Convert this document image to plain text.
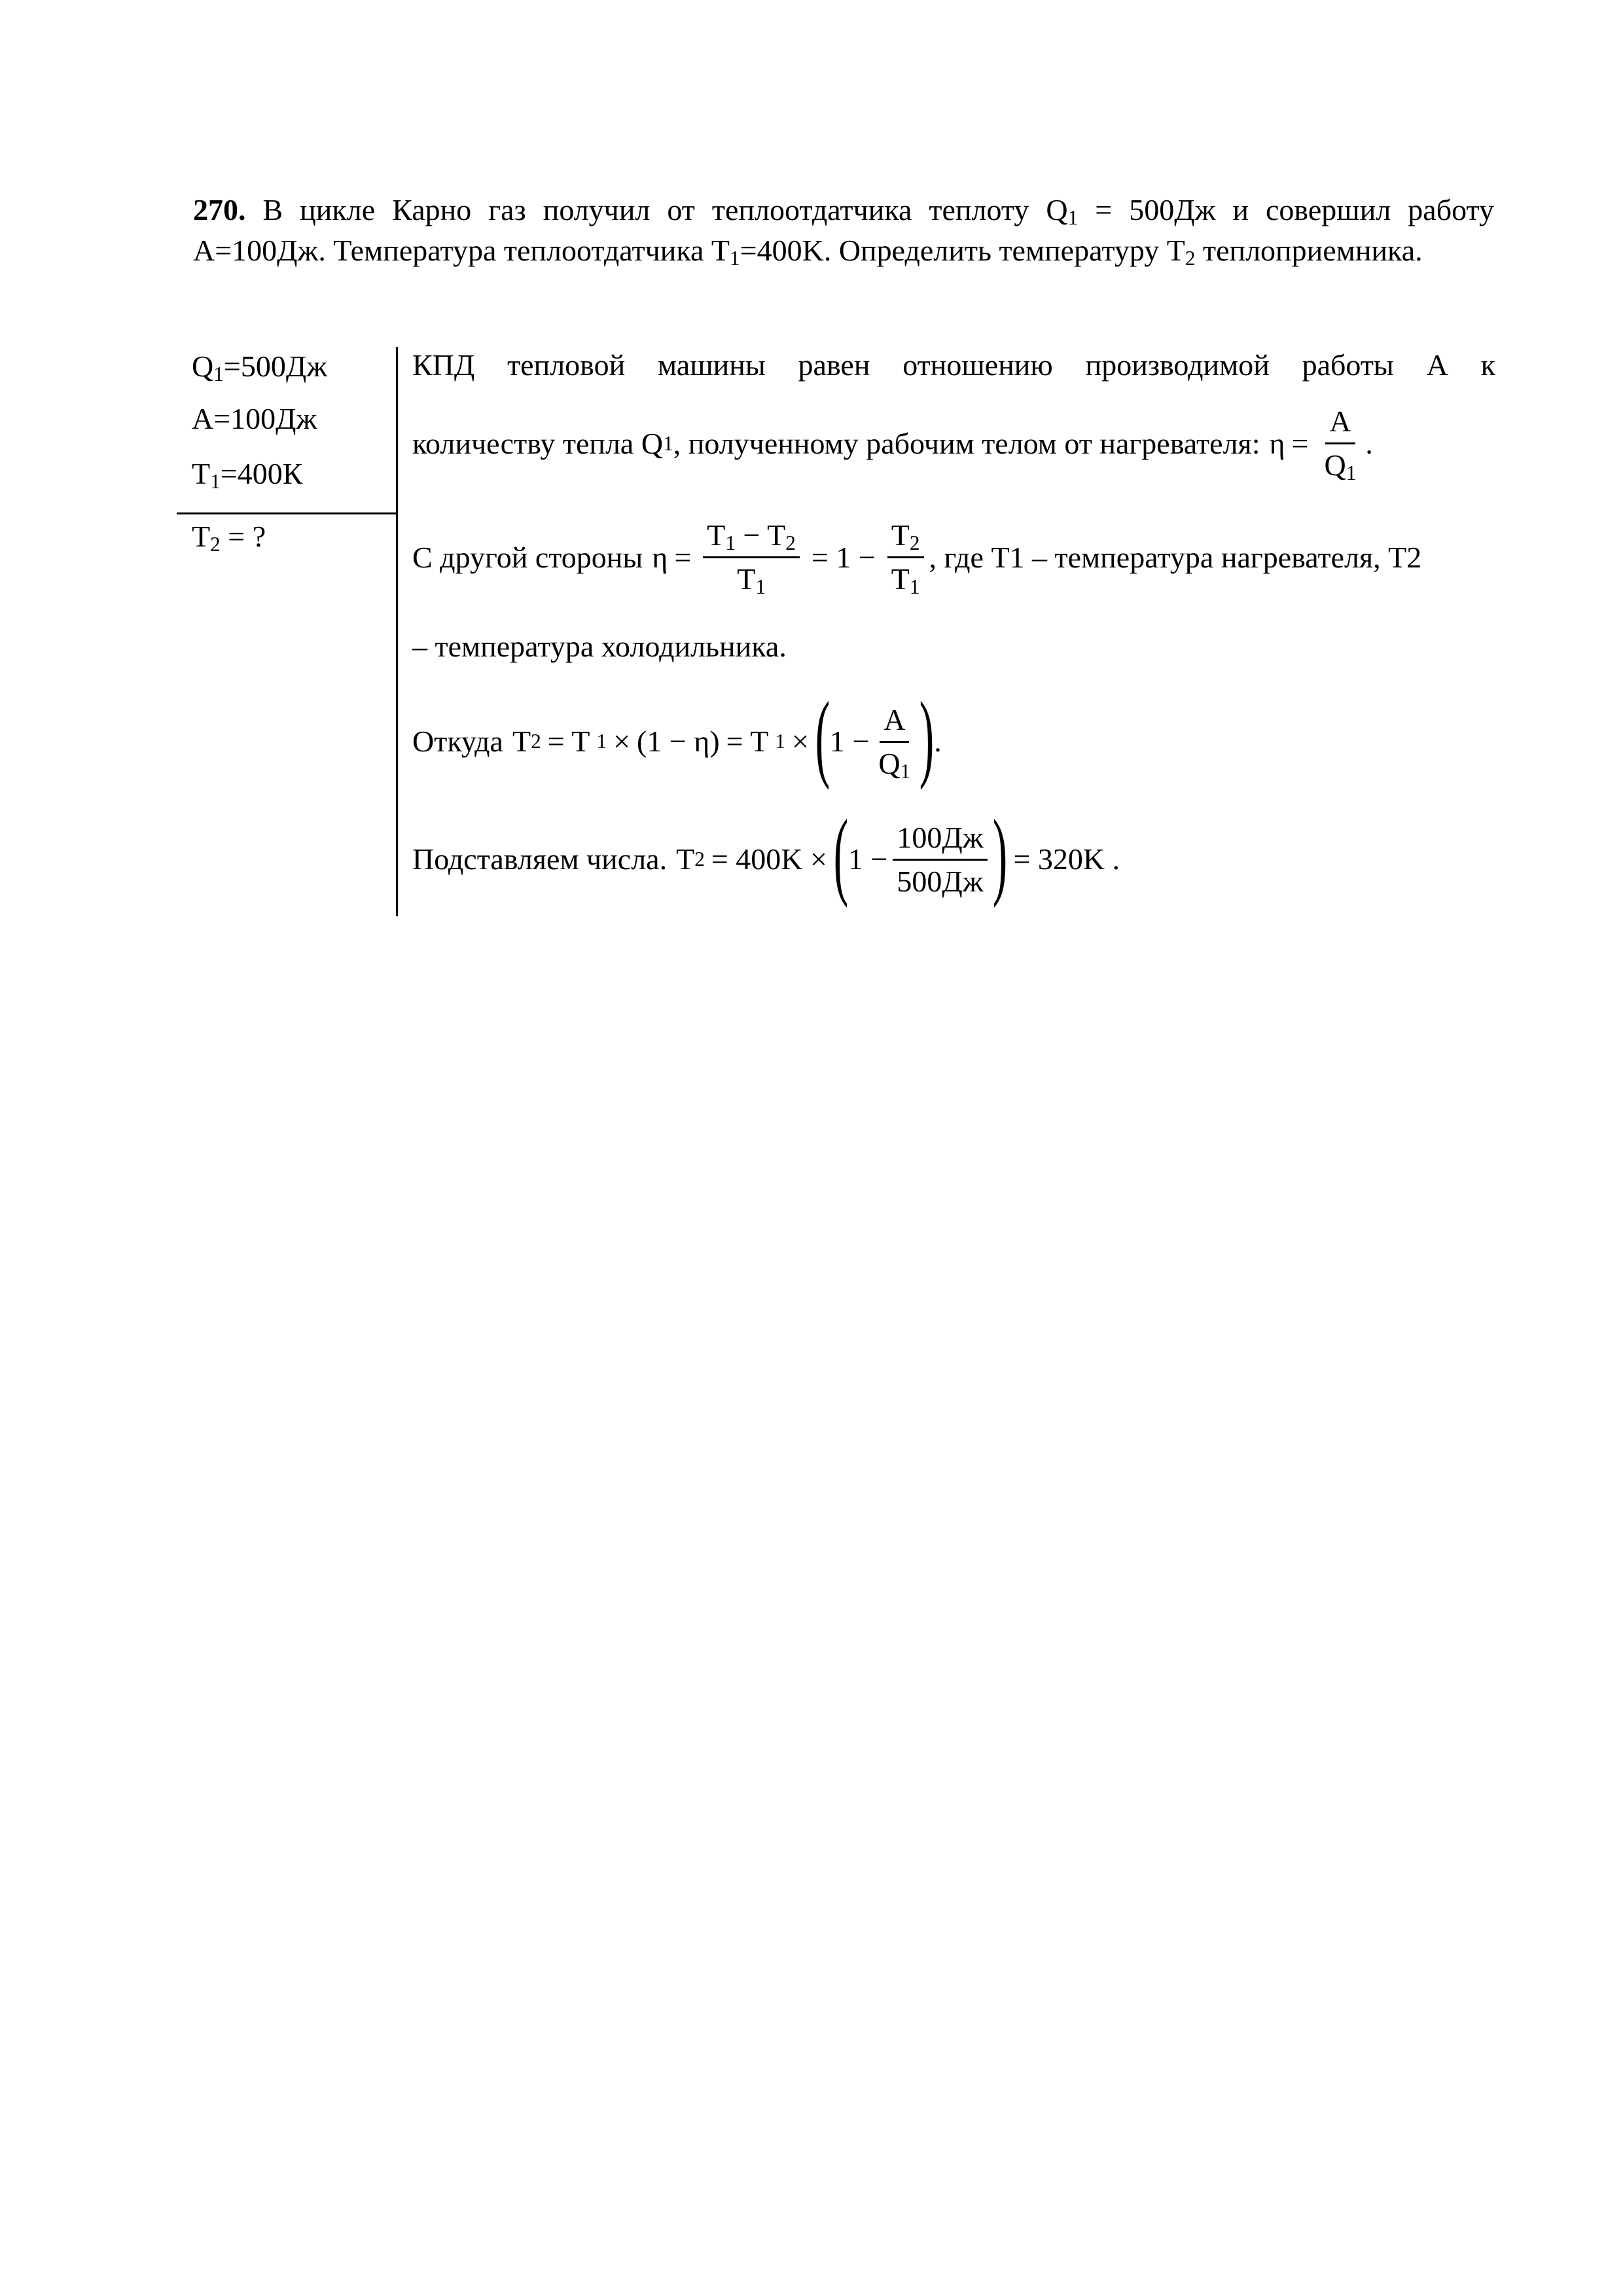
270. В цикле Карно газ получил от теплоотдатчика теплоту $Q_1 = 500Дж$ и совершил работу А=100Дж. Температура теплоотдатчика $T_1=400K$. Определить температуру $T_2$ теплоприемника.
$Q_1=500Дж$
А=100Дж
$T_1=400К$
$T_2$ = ?
КПД тепловой машины равен отношению производимой работы А к
количеству тепла Q 1 , полученному рабочим телом от нагревателя: $\eta = \frac{A}{Q_1}$ .
С другой стороны $\eta = \frac{T_1 - T_2}{T_1} = 1 - \frac{T_2}{T_1}$ , где T1 – температура нагревателя, T2
– температура холодильника.
Откуда T 2 = T 1 × (1 − η) = T 1 × ( $1 - \frac{A}{Q_1}$ ) .
Подставляем числа. T 2 = 400K × ( $1 - \frac{100Дж}{500Дж}$ ) = 320K .
